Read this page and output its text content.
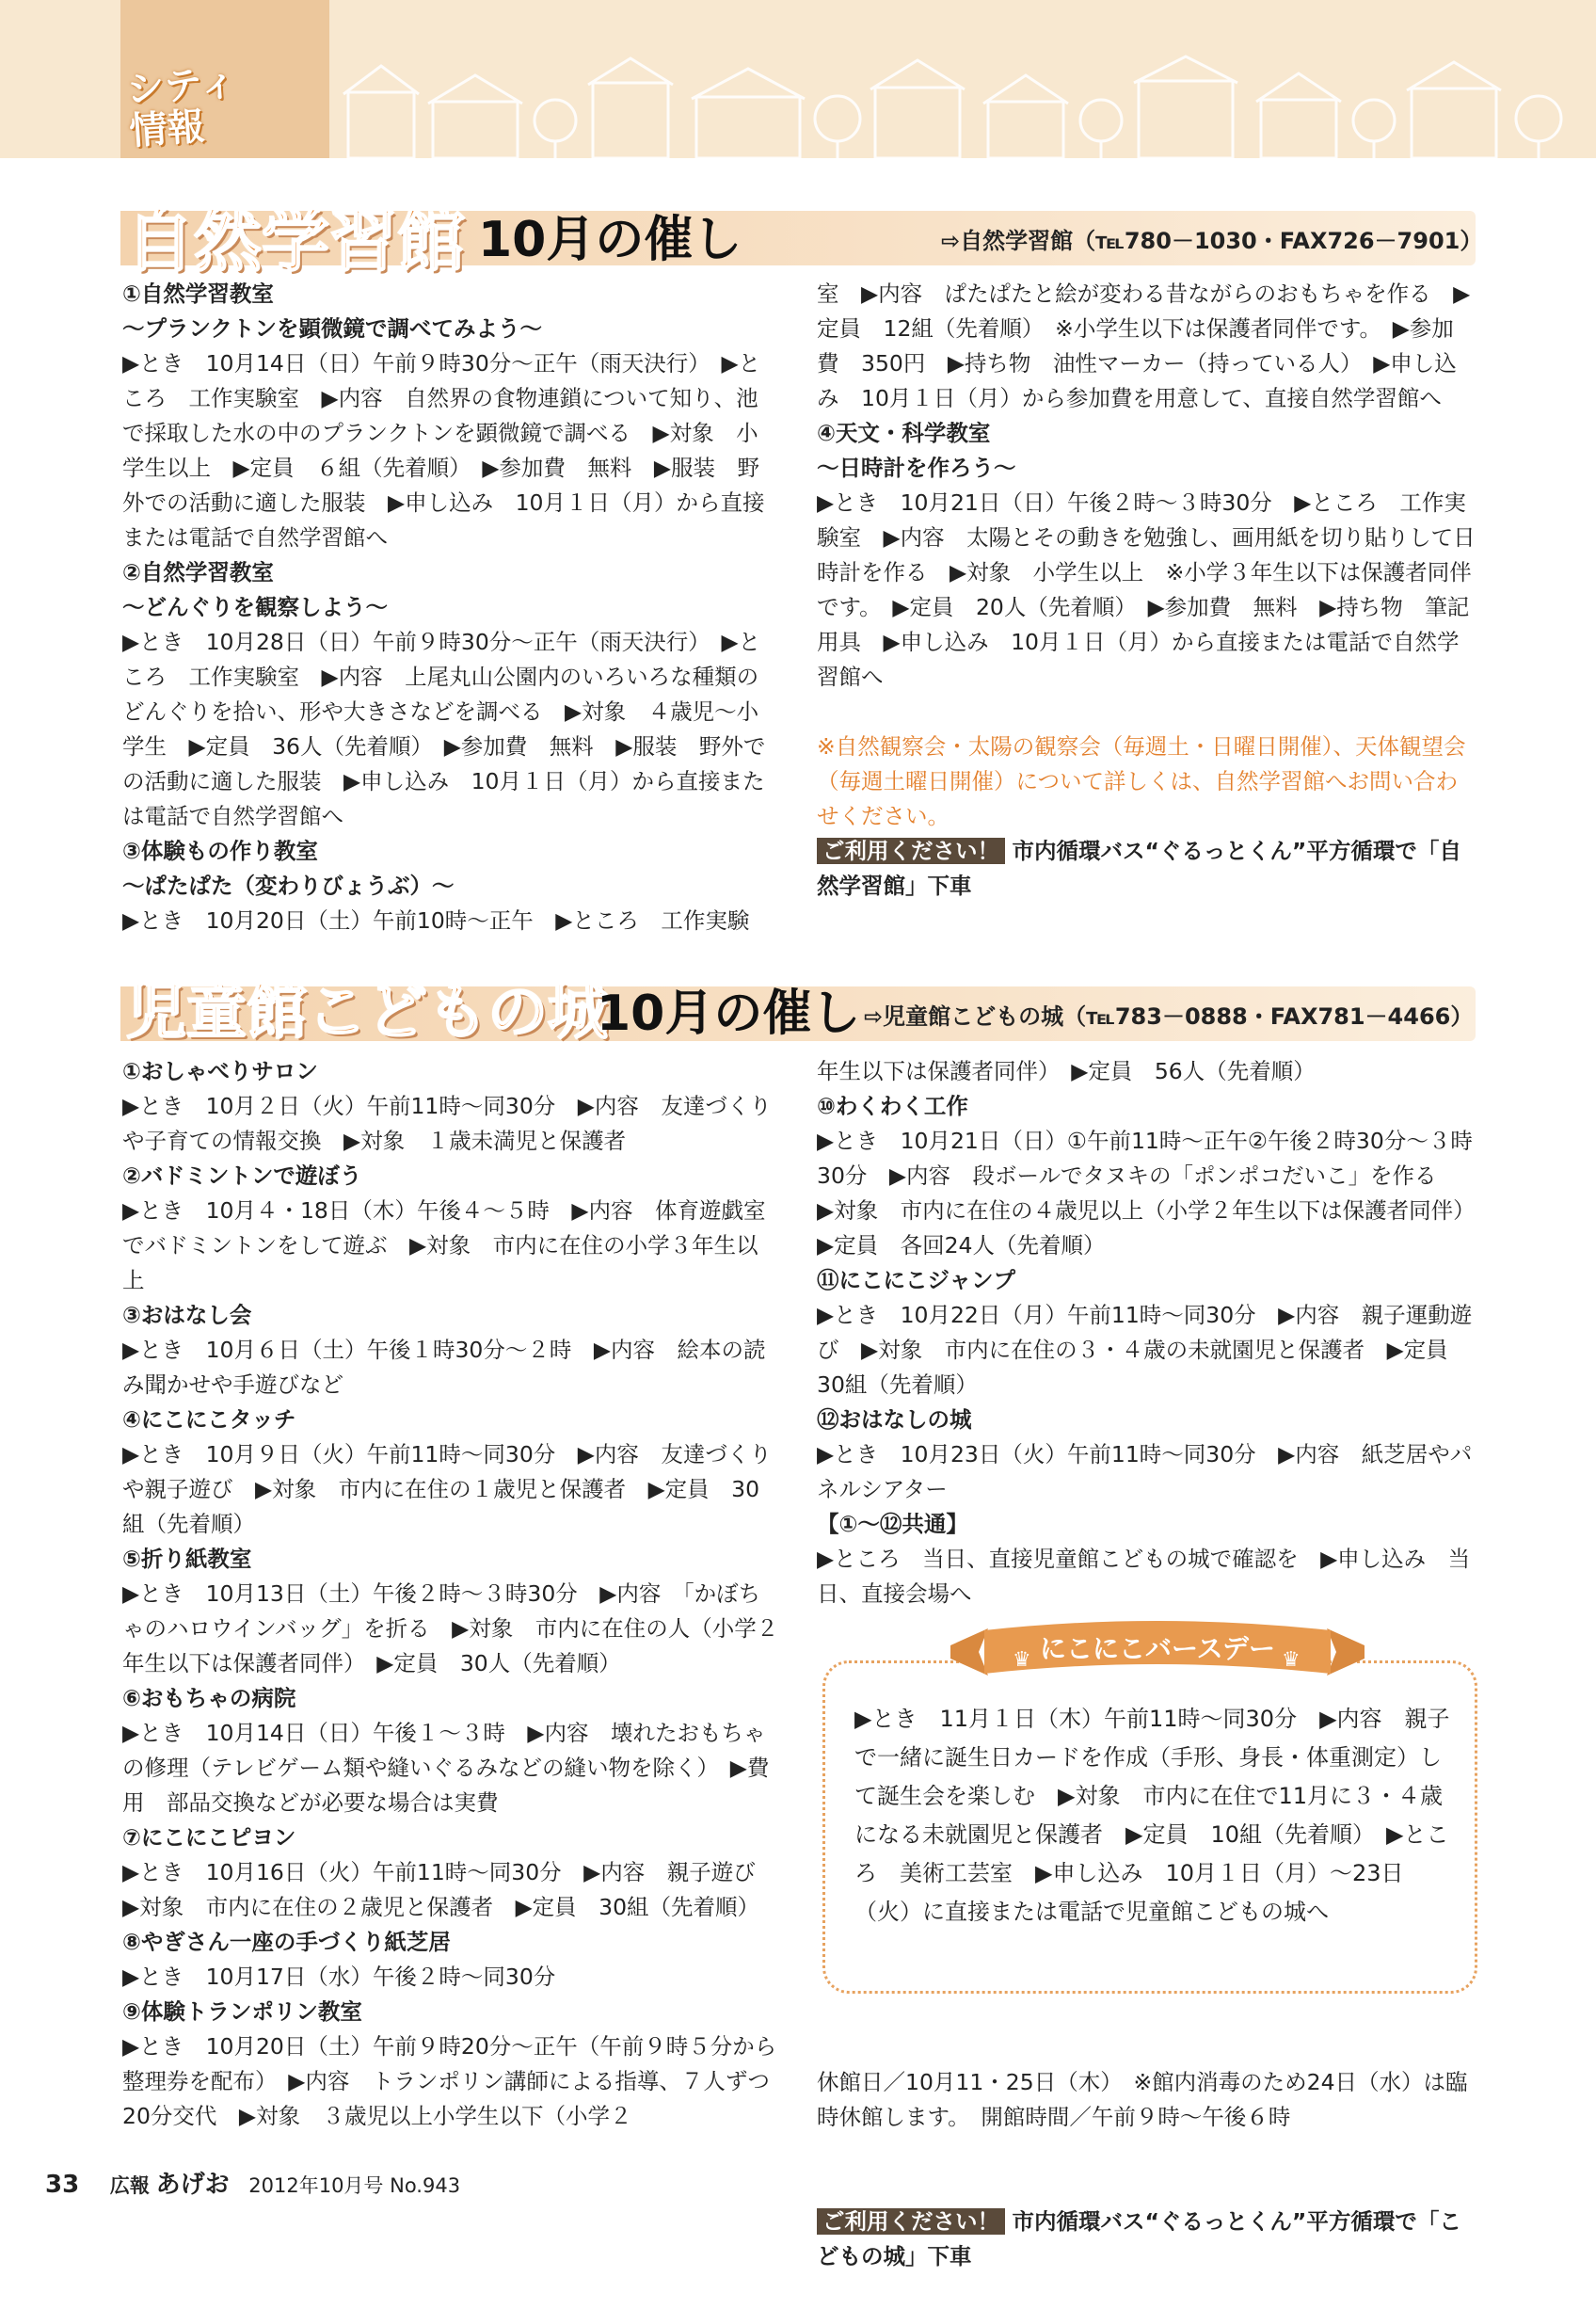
シティ
情報
自然学習館 10月の催し	⇨自然学習館（℡780－1030・FAX726－7901）

①自然学習教室

～プランクトンを顕微鏡で調べてみよう～

▶とき　10月14日（日）午前９時30分～正午（雨天決行）　▶ところ　工作実験室　▶内容　自然界の食物連鎖について知り、池で採取した水の中のプランクトンを顕微鏡で調べる　▶対象　小学生以上　▶定員　６組（先着順）　▶参加費　無料　▶服装　野外での活動に適した服装　▶申し込み　10月１日（月）から直接または電話で自然学習館へ

②自然学習教室

～どんぐりを観察しよう～

▶とき　10月28日（日）午前９時30分～正午（雨天決行）　▶ところ　工作実験室　▶内容　上尾丸山公園内のいろいろな種類のどんぐりを拾い、形や大きさなどを調べる　▶対象　４歳児～小学生　▶定員　36人（先着順）　▶参加費　無料　▶服装　野外での活動に適した服装　▶申し込み　10月１日（月）から直接または電話で自然学習館へ

③体験もの作り教室

～ぱたぱた（変わりびょうぶ）～

▶とき　10月20日（土）午前10時～正午　▶ところ　工作実験

室　▶内容　ぱたぱたと絵が変わる昔ながらのおもちゃを作る　▶定員　12組（先着順）　※小学生以下は保護者同伴です。　▶参加費　350円　▶持ち物　油性マーカー（持っている人）　▶申し込み　10月１日（月）から参加費を用意して、直接自然学習館へ

④天文・科学教室

～日時計を作ろう～

▶とき　10月21日（日）午後２時～３時30分　▶ところ　工作実験室　▶内容　太陽とその動きを勉強し、画用紙を切り貼りして日時計を作る　▶対象　小学生以上　※小学３年生以下は保護者同伴です。　▶定員　20人（先着順）　▶参加費　無料　▶持ち物　筆記用具　▶申し込み　10月１日（月）から直接または電話で自然学習館へ

※自然観察会・太陽の観察会（毎週土・日曜日開催）、天体観望会（毎週土曜日開催）について詳しくは、自然学習館へお問い合わせください。

ご利用ください！ 市内循環バス“ぐるっとくん”平方循環で「自然学習館」下車

児童館こどもの城
10月の催し ⇨児童館こどもの城（℡783－0888・FAX781－4466）

①おしゃべりサロン

▶とき　10月２日（火）午前11時～同30分　▶内容　友達づくりや子育ての情報交換　▶対象　１歳未満児と保護者

②バドミントンで遊ぼう

▶とき　10月４・18日（木）午後４～５時　▶内容　体育遊戯室でバドミントンをして遊ぶ　▶対象　市内に在住の小学３年生以上

③おはなし会

▶とき　10月６日（土）午後１時30分～２時　▶内容　絵本の読み聞かせや手遊びなど

④にこにこタッチ

▶とき　10月９日（火）午前11時～同30分　▶内容　友達づくりや親子遊び　▶対象　市内に在住の１歳児と保護者　▶定員　30組（先着順）

⑤折り紙教室

▶とき　10月13日（土）午後２時～３時30分　▶内容　「かぼちゃのハロウインバッグ」を折る　▶対象　市内に在住の人（小学２年生以下は保護者同伴）　▶定員　30人（先着順）

⑥おもちゃの病院

▶とき　10月14日（日）午後１～３時　▶内容　壊れたおもちゃの修理（テレビゲーム類や縫いぐるみなどの縫い物を除く）　▶費用　部品交換などが必要な場合は実費

⑦にこにこピヨン

▶とき　10月16日（火）午前11時～同30分　▶内容　親子遊び　▶対象　市内に在住の２歳児と保護者　▶定員　30組（先着順）

⑧やぎさん一座の手づくり紙芝居

▶とき　10月17日（水）午後２時～同30分

⑨体験トランポリン教室

▶とき　10月20日（土）午前９時20分～正午（午前９時５分から整理券を配布）　▶内容　トランポリン講師による指導、７人ずつ20分交代　▶対象　３歳児以上小学生以下（小学２

年生以下は保護者同伴）　▶定員　56人（先着順）

⑩わくわく工作

▶とき　10月21日（日）①午前11時～正午②午後２時30分～３時30分　▶内容　段ボールでタヌキの「ポンポコだいこ」を作る　▶対象　市内に在住の４歳児以上（小学２年生以下は保護者同伴）　▶定員　各回24人（先着順）

⑪にこにこジャンプ

▶とき　10月22日（月）午前11時～同30分　▶内容　親子運動遊び　▶対象　市内に在住の３・４歳の未就園児と保護者　▶定員　30組（先着順）

⑫おはなしの城

▶とき　10月23日（火）午前11時～同30分　▶内容　紙芝居やパネルシアター

【①～⑫共通】

▶ところ　当日、直接児童館こどもの城で確認を　▶申し込み　当日、直接会場へ

♛	♛
にこにこバースデー
▶とき　11月１日（木）午前11時～同30分　▶内容　親子で一緒に誕生日カードを作成（手形、身長・体重測定）して誕生会を楽しむ　▶対象　市内に在住で11月に３・４歳になる未就園児と保護者　▶定員　10組（先着順）　▶ところ　美術工芸室　▶申し込み　10月１日（月）～23日（火）に直接または電話で児童館こどもの城へ

休館日／10月11・25日（木）　※館内消毒のため24日（水）は臨時休館します。　開館時間／午前９時～午後６時

ご利用ください！ 市内循環バス“ぐるっとくん”平方循環で「こどもの城」下車

33 広報 あげお 2012年10月号 No.943
